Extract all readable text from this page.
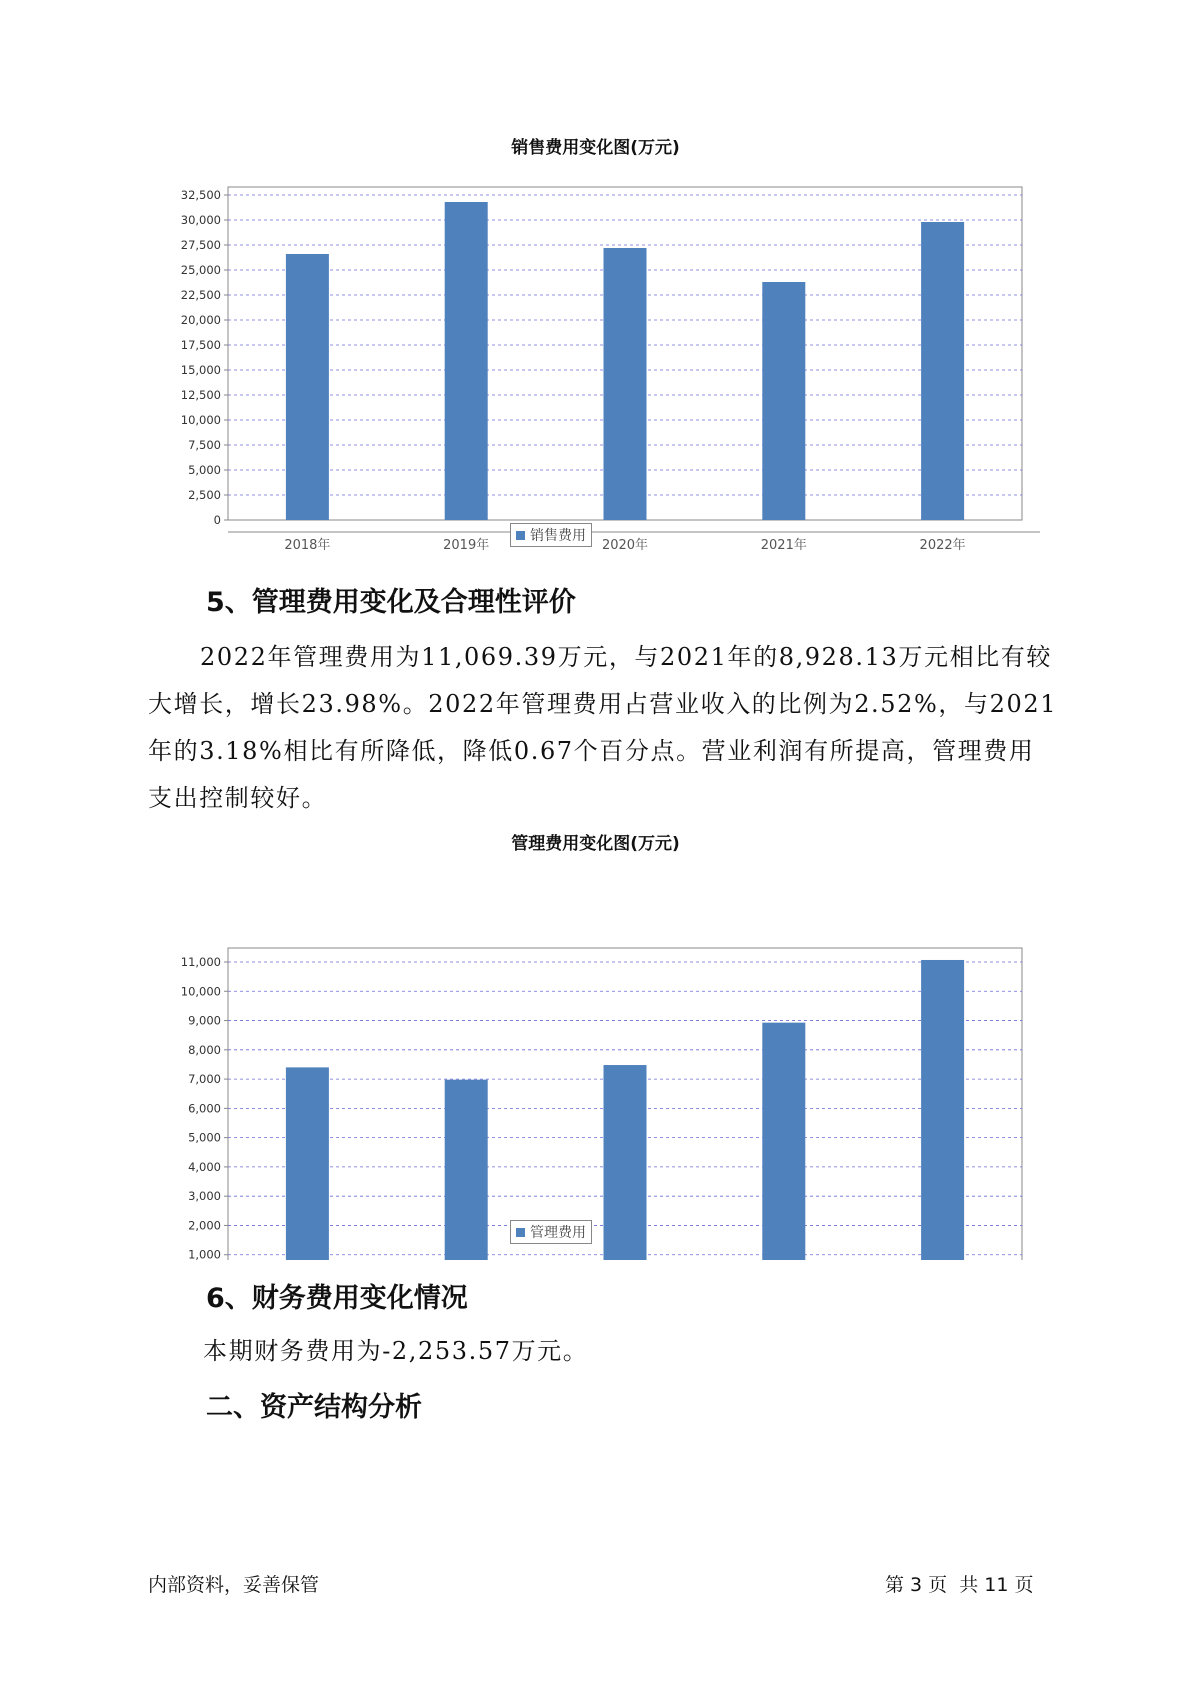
销售费用变化图(万元)
0
2,500
5,000
7,500
10,000
12,500
15,000
17,500
20,000
22,500
25,000
27,500
30,000
32,500
2018年	2019年	2020年	2021年	2022年
销售费用
5、管理费用变化及合理性评价

2022年管理费用为11,069.39万元，与2021年的8,928.13万元相比有较大增长，增长23.98%。2022年管理费用占营业收入的比例为2.52%，与2021年的3.18%相比有所降低，降低0.67个百分点。营业利润有所提高，管理费用支出控制较好。

管理费用变化图(万元)
1,000
2,000
3,000
4,000
5,000
6,000
7,000
8,000
9,000
10,000
11,000
管理费用
6、财务费用变化情况

本期财务费用为-2,253.57万元。

二、资产结构分析
内部资料，妥善保管	第 3 页  共 11 页
